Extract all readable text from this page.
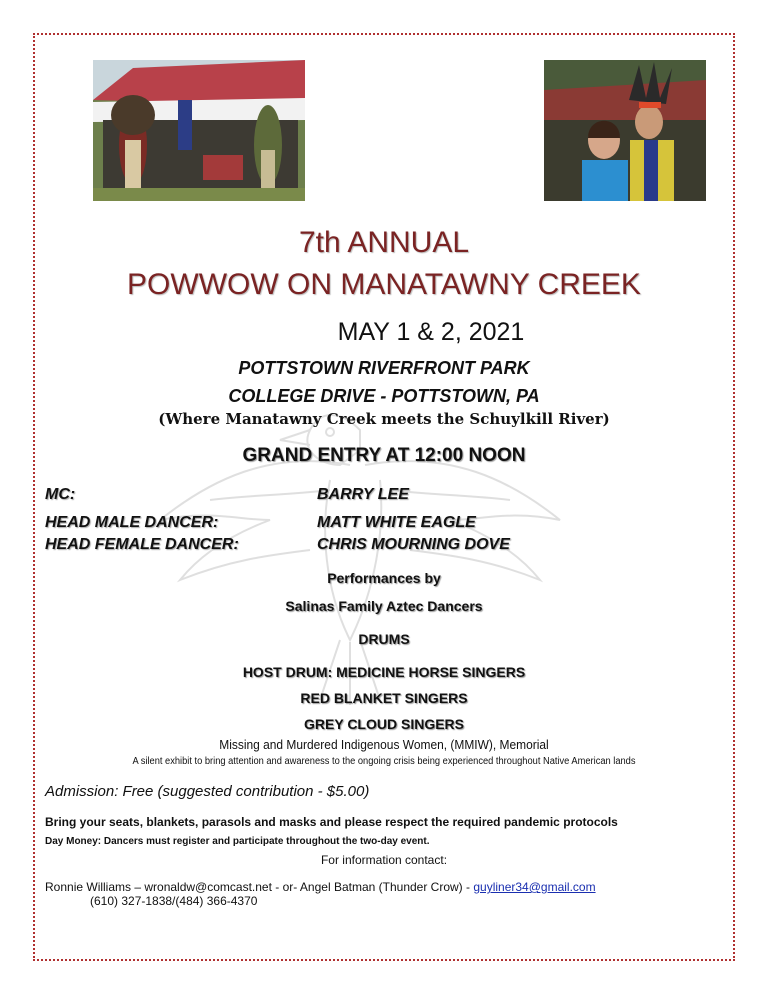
7th ANNUAL
POWWOW ON MANATAWNY CREEK
MAY 1 & 2, 2021
POTTSTOWN RIVERFRONT PARK
COLLEGE DRIVE - POTTSTOWN, PA
(Where Manatawny Creek meets the Schuylkill River)
GRAND ENTRY AT 12:00 NOON
MC:	BARRY LEE
HEAD MALE DANCER:	MATT WHITE EAGLE
HEAD FEMALE DANCER:	CHRIS MOURNING DOVE
Performances by
Salinas Family Aztec Dancers
DRUMS
HOST DRUM: MEDICINE HORSE SINGERS
RED BLANKET SINGERS
GREY CLOUD SINGERS
Missing and Murdered Indigenous Women, (MMIW), Memorial
A silent exhibit to bring attention and awareness to the ongoing crisis being experienced throughout Native American lands
Admission: Free (suggested contribution - $5.00)
Bring your seats, blankets, parasols and masks and please respect the required pandemic protocols
Day Money: Dancers must register and participate throughout the two-day event.
For information contact:
Ronnie Williams – wronaldw@comcast.net - or- Angel Batman (Thunder Crow) - guyliner34@gmail.com
(610) 327-1838/(484) 366-4370
